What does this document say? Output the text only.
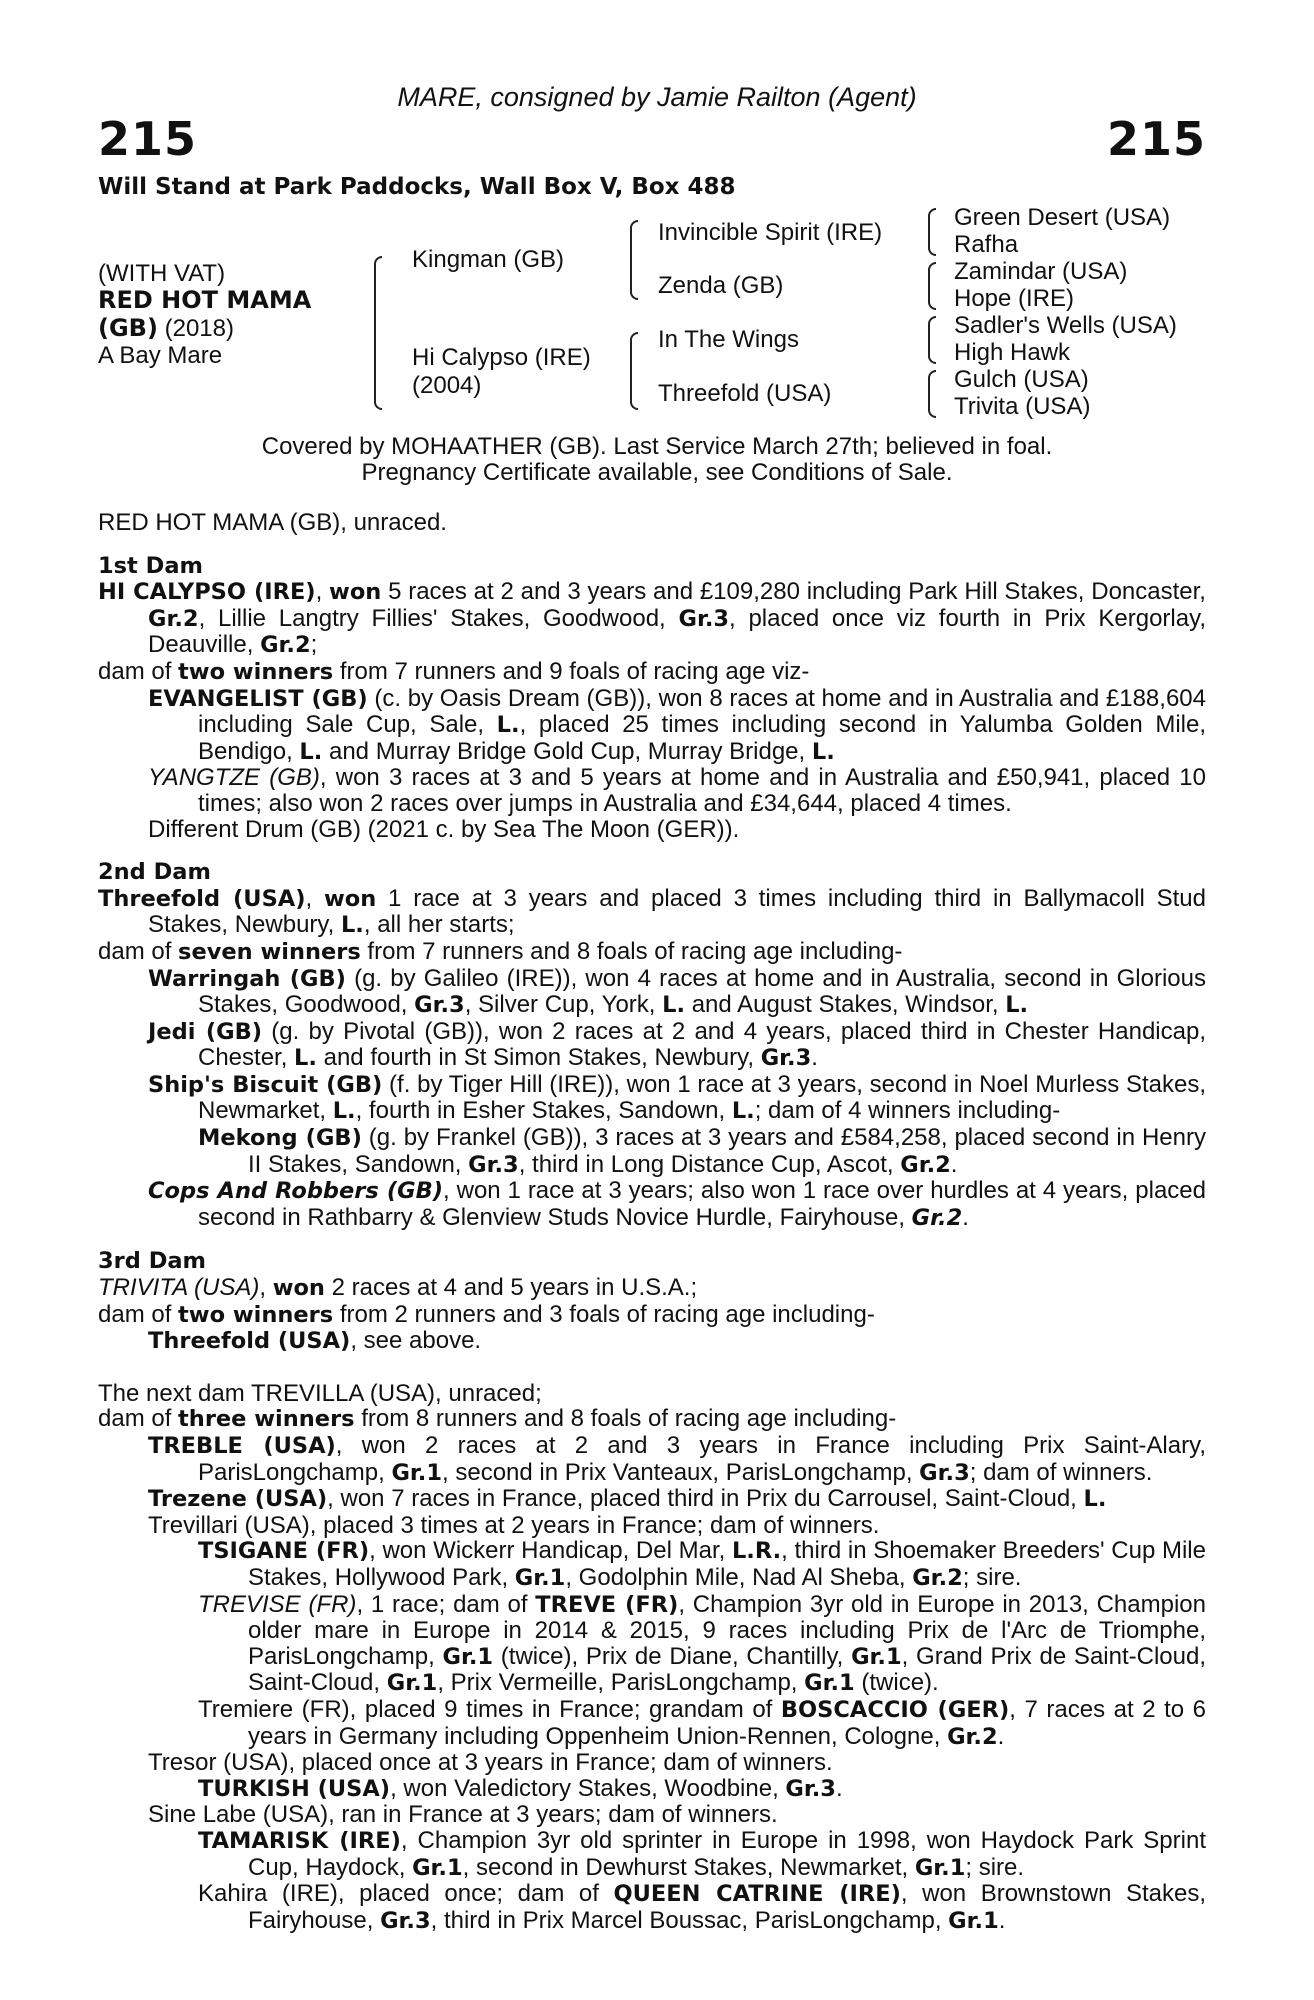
MARE, consigned by Jamie Railton (Agent)
215	215
Will Stand at Park Paddocks, Wall Box V, Box 488
(WITH VAT)
RED HOT MAMA
(GB) (2018)
A Bay Mare
Kingman (GB)
Hi Calypso (IRE)
(2004)
Invincible Spirit (IRE)
Zenda (GB)
In The Wings
Threefold (USA)
Green Desert (USA)
Rafha
Zamindar (USA)
Hope (IRE)
Sadler's Wells (USA)
High Hawk
Gulch (USA)
Trivita (USA)
Covered by MOHAATHER (GB). Last Service March 27th; believed in foal.
Pregnancy Certificate available, see Conditions of Sale.

RED HOT MAMA (GB), unraced.

1st Dam

HI CALYPSO (IRE), won 5 races at 2 and 3 years and £109,280 including Park Hill Stakes, Doncaster, Gr.2, Lillie Langtry Fillies' Stakes, Goodwood, Gr.3, placed once viz fourth in Prix Kergorlay, Deauville, Gr.2;

dam of two winners from 7 runners and 9 foals of racing age viz-

EVANGELIST (GB) (c. by Oasis Dream (GB)), won 8 races at home and in Australia and £188,604 including Sale Cup, Sale, L., placed 25 times including second in Yalumba Golden Mile, Bendigo, L. and Murray Bridge Gold Cup, Murray Bridge, L.

YANGTZE (GB), won 3 races at 3 and 5 years at home and in Australia and £50,941, placed 10 times; also won 2 races over jumps in Australia and £34,644, placed 4 times.

Different Drum (GB) (2021 c. by Sea The Moon (GER)).

2nd Dam

Threefold (USA), won 1 race at 3 years and placed 3 times including third in Ballymacoll Stud Stakes, Newbury, L., all her starts;

dam of seven winners from 7 runners and 8 foals of racing age including-

Warringah (GB) (g. by Galileo (IRE)), won 4 races at home and in Australia, second in Glorious Stakes, Goodwood, Gr.3, Silver Cup, York, L. and August Stakes, Windsor, L.

Jedi (GB) (g. by Pivotal (GB)), won 2 races at 2 and 4 years, placed third in Chester Handicap, Chester, L. and fourth in St Simon Stakes, Newbury, Gr.3.

Ship's Biscuit (GB) (f. by Tiger Hill (IRE)), won 1 race at 3 years, second in Noel Murless Stakes, Newmarket, L., fourth in Esher Stakes, Sandown, L.; dam of 4 winners including-

Mekong (GB) (g. by Frankel (GB)), 3 races at 3 years and £584,258, placed second in Henry II Stakes, Sandown, Gr.3, third in Long Distance Cup, Ascot, Gr.2.

Cops And Robbers (GB), won 1 race at 3 years; also won 1 race over hurdles at 4 years, placed second in Rathbarry & Glenview Studs Novice Hurdle, Fairyhouse, Gr.2.

3rd Dam

TRIVITA (USA), won 2 races at 4 and 5 years in U.S.A.;

dam of two winners from 2 runners and 3 foals of racing age including-

Threefold (USA), see above.

The next dam TREVILLA (USA), unraced;

dam of three winners from 8 runners and 8 foals of racing age including-

TREBLE (USA), won 2 races at 2 and 3 years in France including Prix Saint-Alary, ParisLongchamp, Gr.1, second in Prix Vanteaux, ParisLongchamp, Gr.3; dam of winners.

Trezene (USA), won 7 races in France, placed third in Prix du Carrousel, Saint-Cloud, L.

Trevillari (USA), placed 3 times at 2 years in France; dam of winners.

TSIGANE (FR), won Wickerr Handicap, Del Mar, L.R., third in Shoemaker Breeders' Cup Mile Stakes, Hollywood Park, Gr.1, Godolphin Mile, Nad Al Sheba, Gr.2; sire.

TREVISE (FR), 1 race; dam of TREVE (FR), Champion 3yr old in Europe in 2013, Champion older mare in Europe in 2014 & 2015, 9 races including Prix de l'Arc de Triomphe, ParisLongchamp, Gr.1 (twice), Prix de Diane, Chantilly, Gr.1, Grand Prix de Saint-Cloud, Saint-Cloud, Gr.1, Prix Vermeille, ParisLongchamp, Gr.1 (twice).

Tremiere (FR), placed 9 times in France; grandam of BOSCACCIO (GER), 7 races at 2 to 6 years in Germany including Oppenheim Union-Rennen, Cologne, Gr.2.

Tresor (USA), placed once at 3 years in France; dam of winners.

TURKISH (USA), won Valedictory Stakes, Woodbine, Gr.3.

Sine Labe (USA), ran in France at 3 years; dam of winners.

TAMARISK (IRE), Champion 3yr old sprinter in Europe in 1998, won Haydock Park Sprint Cup, Haydock, Gr.1, second in Dewhurst Stakes, Newmarket, Gr.1; sire.

Kahira (IRE), placed once; dam of QUEEN CATRINE (IRE), won Brownstown Stakes, Fairyhouse, Gr.3, third in Prix Marcel Boussac, ParisLongchamp, Gr.1.
